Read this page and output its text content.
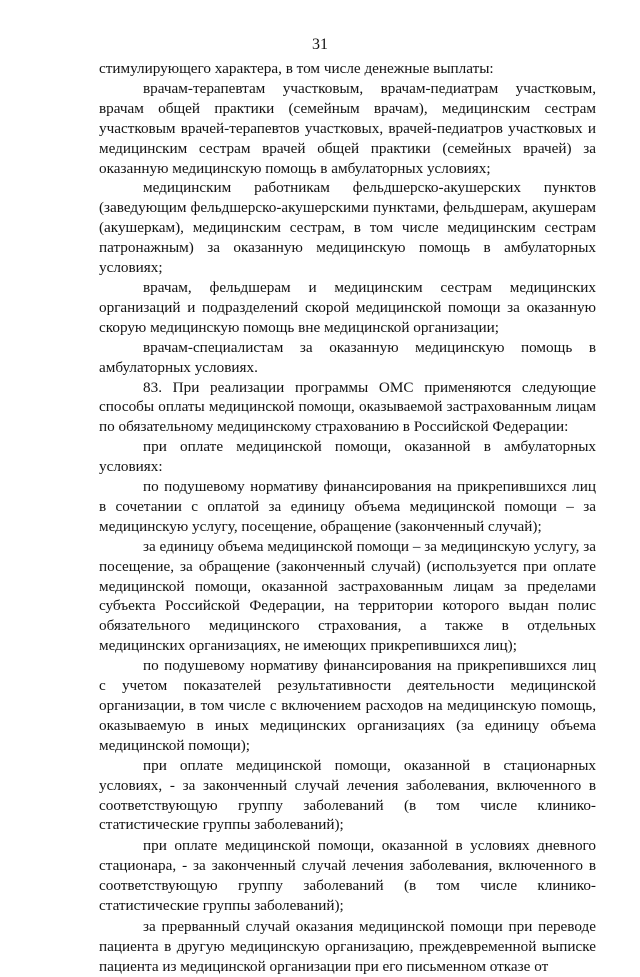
31

стимулирующего характера, в том числе денежные выплаты:

врачам-терапевтам участковым, врачам-педиатрам участковым, врачам общей практики (семейным врачам), медицинским сестрам участковым врачей-терапевтов участковых, врачей-педиатров участковых и медицинским сестрам врачей общей практики (семейных врачей) за оказанную медицинскую помощь в амбулаторных условиях;

медицинским работникам фельдшерско-акушерских пунктов (заведующим фельдшерско-акушерскими пунктами, фельдшерам, акушерам (акушеркам), медицинским сестрам, в том числе медицинским сестрам патронажным) за оказанную медицинскую помощь в амбулаторных условиях;

врачам, фельдшерам и медицинским сестрам медицинских организаций и подразделений скорой медицинской помощи за оказанную скорую медицинскую помощь вне медицинской организации;

врачам-специалистам за оказанную медицинскую помощь в амбулаторных условиях.

83. При реализации программы ОМС применяются следующие способы оплаты медицинской помощи, оказываемой застрахованным лицам по обязательному медицинскому страхованию в Российской Федерации:

при оплате медицинской помощи, оказанной в амбулаторных условиях:

по подушевому нормативу финансирования на прикрепившихся лиц в сочетании с оплатой за единицу объема медицинской помощи – за медицинскую услугу, посещение, обращение (законченный случай);

за единицу объема медицинской помощи – за медицинскую услугу, за посещение, за обращение (законченный случай) (используется при оплате медицинской помощи, оказанной застрахованным лицам за пределами субъекта Российской Федерации, на территории которого выдан полис обязательного медицинского страхования, а также в отдельных медицинских организациях, не имеющих прикрепившихся лиц);

по подушевому нормативу финансирования на прикрепившихся лиц с учетом показателей результативности деятельности медицинской организации, в том числе с включением расходов на медицинскую помощь, оказываемую в иных медицинских организациях (за единицу объема медицинской помощи);

при оплате медицинской помощи, оказанной в стационарных условиях, - за законченный случай лечения заболевания, включенного в соответствующую группу заболеваний (в том числе клинико-статистические группы заболеваний);

при оплате медицинской помощи, оказанной в условиях дневного стационара, - за законченный случай лечения заболевания, включенного в соответствующую группу заболеваний (в том числе клинико-статистические группы заболеваний);

за прерванный случай оказания медицинской помощи при переводе пациента в другую медицинскую организацию, преждевременной выписке пациента из медицинской организации при его письменном отказе от
